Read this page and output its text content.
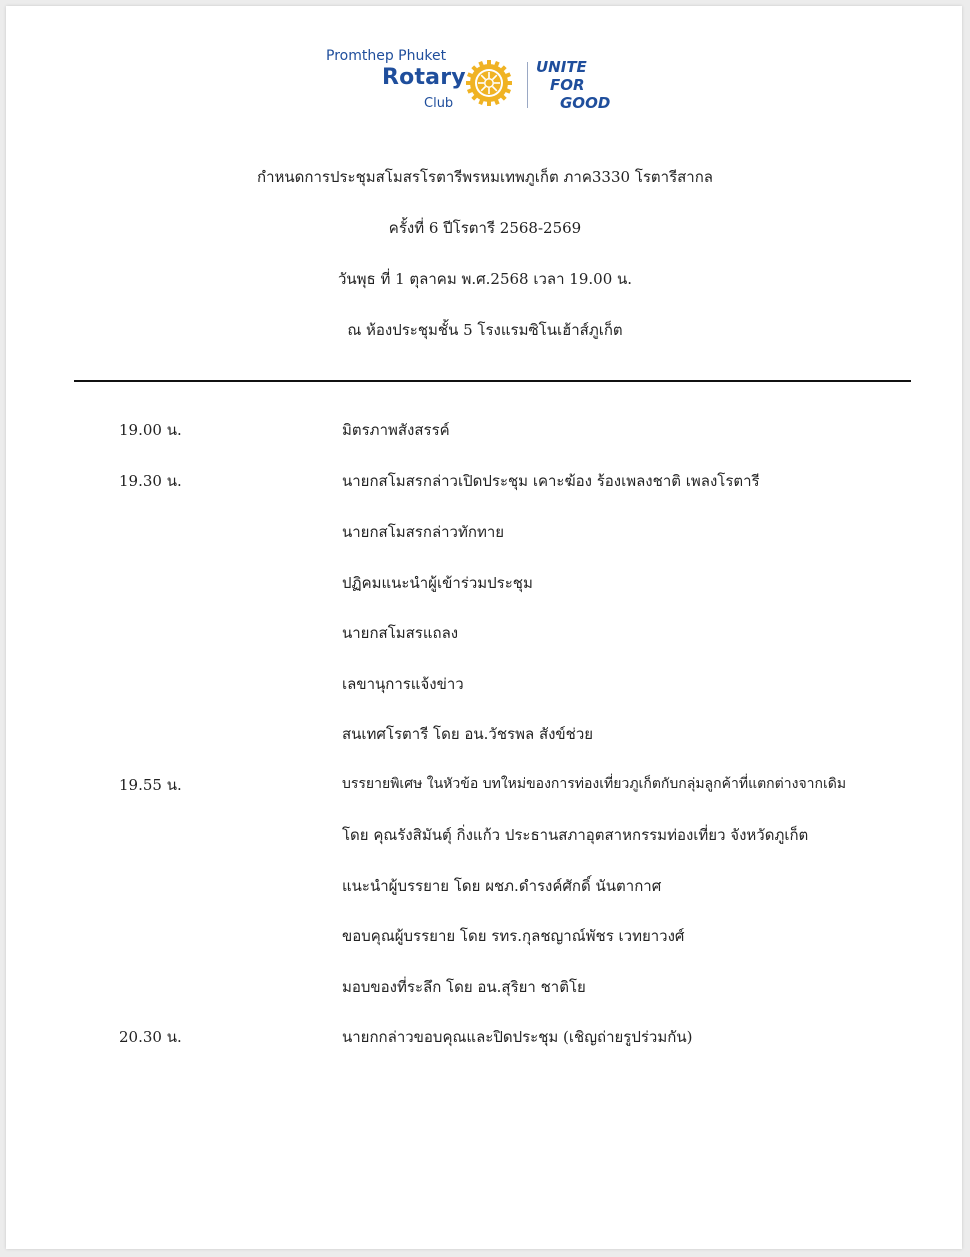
Promthep Phuket
Rotary
Club
UNITE
FOR
GOOD
กำหนดการประชุมสโมสรโรตารีพรหมเทพภูเก็ต ภาค3330 โรตารีสากล
ครั้งที่ 6 ปีโรตารี 2568-2569
วันพุธ ที่ 1 ตุลาคม พ.ศ.2568 เวลา 19.00 น.
ณ ห้องประชุมชั้น 5 โรงแรมซิโนเฮ้าส์ภูเก็ต
19.00 น.
19.30 น.
19.55 น.
20.30 น.
มิตรภาพสังสรรค์
นายกสโมสรกล่าวเปิดประชุม เคาะฆ้อง ร้องเพลงชาติ เพลงโรตารี
นายกสโมสรกล่าวทักทาย
ปฏิคมแนะนำผู้เข้าร่วมประชุม
นายกสโมสรแถลง
เลขานุการแจ้งข่าว
สนเทศโรตารี โดย อน.วัชรพล สังข์ช่วย
บรรยายพิเศษ ในหัวข้อ บทใหม่ของการท่องเที่ยวภูเก็ตกับกลุ่มลูกค้าที่แตกต่างจากเดิม
โดย คุณรังสิมันต์ุ กิ่งแก้ว ประธานสภาอุตสาหกรรมท่องเที่ยว จังหวัดภูเก็ต
แนะนำผู้บรรยาย โดย ผชภ.ดำรงค์ศักดิ์ นันตากาศ
ขอบคุณผู้บรรยาย โดย รทร.กุลชญาณ์พัชร เวทยาวงศ์
มอบของที่ระลึก โดย อน.สุริยา ชาติโย
นายกกล่าวขอบคุณและปิดประชุม (เชิญถ่ายรูปร่วมกัน)
